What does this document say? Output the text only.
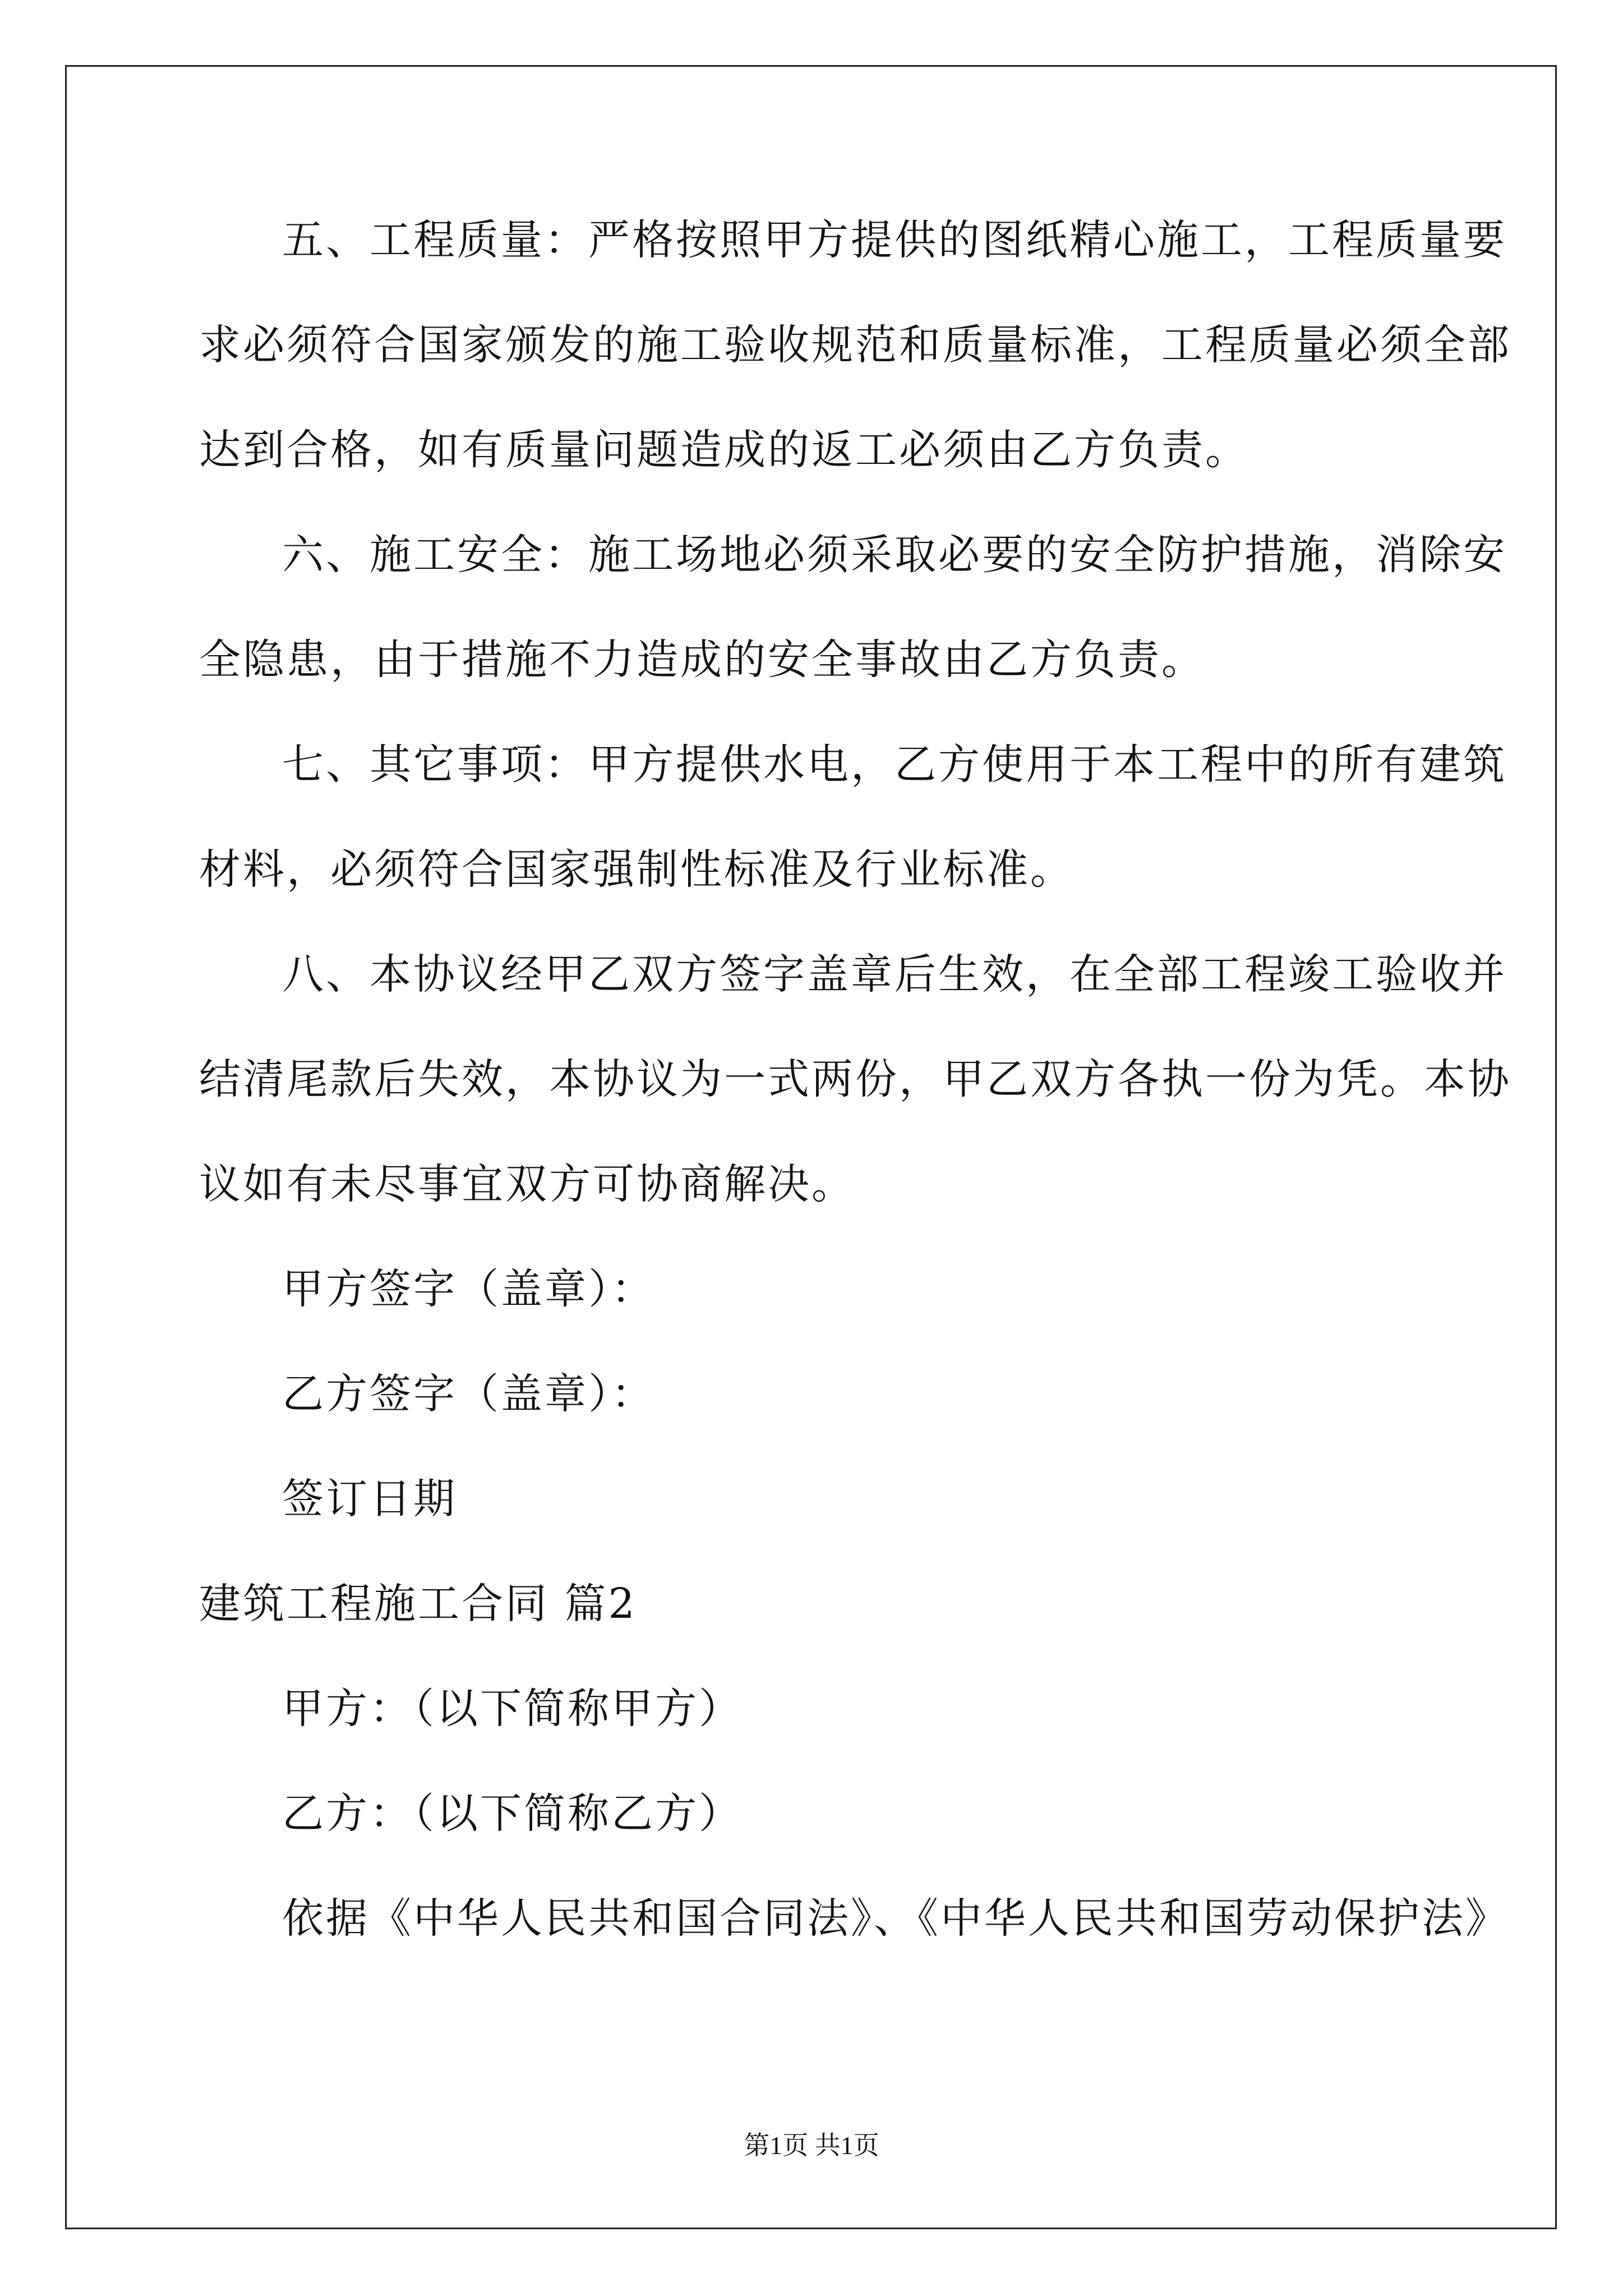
五、工程质量：严格按照甲方提供的图纸精心施工，工程质量要
求必须符合国家颁发的施工验收规范和质量标准，工程质量必须全部
达到合格，如有质量问题造成的返工必须由乙方负责。
六、施工安全：施工场地必须采取必要的安全防护措施，消除安
全隐患，由于措施不力造成的安全事故由乙方负责。
七、其它事项：甲方提供水电，乙方使用于本工程中的所有建筑
材料，必须符合国家强制性标准及行业标准。
八、本协议经甲乙双方签字盖章后生效，在全部工程竣工验收并
结清尾款后失效，本协议为一式两份，甲乙双方各执一份为凭。本协
议如有未尽事宜双方可协商解决。
甲方签字（盖章）：
乙方签字（盖章）：
签订日期
建筑工程施工合同 篇2
甲方：（以下简称甲方）
乙方：（以下简称乙方）
依据《中华人民共和国合同法》、《中华人民共和国劳动保护法》
第1页 共1页
